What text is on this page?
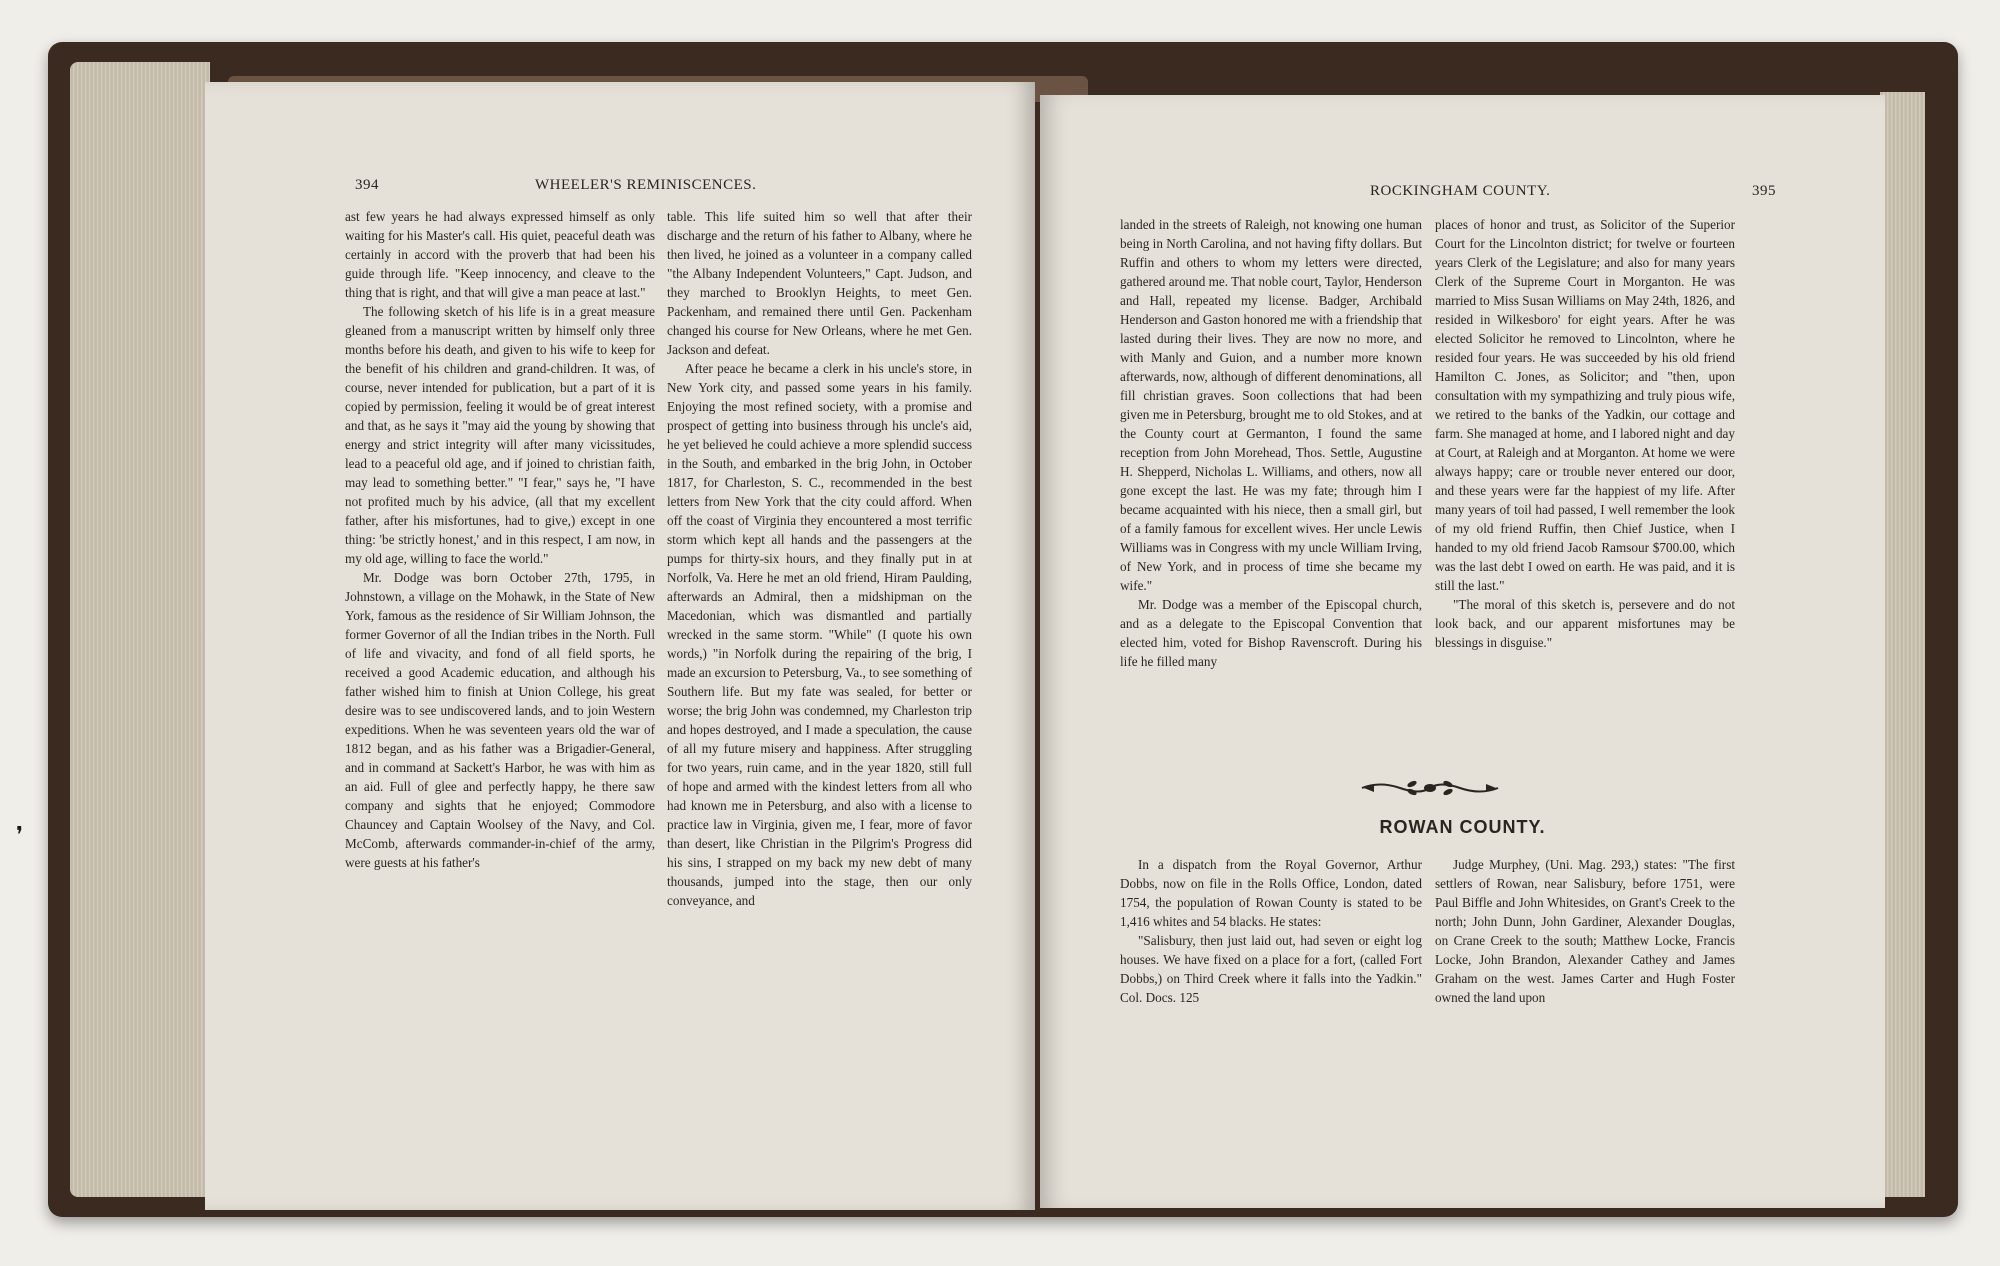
❜
394	WHEELER'S REMINISCENCES.

ast few years he had always expressed himself as only waiting for his Master's call. His quiet, peaceful death was certainly in accord with the proverb that had been his guide through life. "Keep innocency, and cleave to the thing that is right, and that will give a man peace at last."

The following sketch of his life is in a great measure gleaned from a manuscript written by himself only three months before his death, and given to his wife to keep for the benefit of his children and grand-children. It was, of course, never intended for publication, but a part of it is copied by permission, feeling it would be of great interest and that, as he says it "may aid the young by showing that energy and strict integrity will after many vicissitudes, lead to a peaceful old age, and if joined to christian faith, may lead to something better." "I fear," says he, "I have not profited much by his advice, (all that my excellent father, after his misfortunes, had to give,) except in one thing: 'be strictly honest,' and in this respect, I am now, in my old age, willing to face the world."

Mr. Dodge was born October 27th, 1795, in Johnstown, a village on the Mohawk, in the State of New York, famous as the residence of Sir William Johnson, the former Governor of all the Indian tribes in the North. Full of life and vivacity, and fond of all field sports, he received a good Academic education, and although his father wished him to finish at Union College, his great desire was to see undiscovered lands, and to join Western expeditions. When he was seventeen years old the war of 1812 began, and as his father was a Brigadier-General, and in command at Sackett's Harbor, he was with him as an aid. Full of glee and perfectly happy, he there saw company and sights that he enjoyed; Commodore Chauncey and Captain Woolsey of the Navy, and Col. McComb, afterwards commander-in-chief of the army, were guests at his father's

table. This life suited him so well that after their discharge and the return of his father to Albany, where he then lived, he joined as a volunteer in a company called "the Albany Independent Volunteers," Capt. Judson, and they marched to Brooklyn Heights, to meet Gen. Packenham, and remained there until Gen. Packenham changed his course for New Orleans, where he met Gen. Jackson and defeat.

After peace he became a clerk in his uncle's store, in New York city, and passed some years in his family. Enjoying the most refined society, with a promise and prospect of getting into business through his uncle's aid, he yet believed he could achieve a more splendid success in the South, and embarked in the brig John, in October 1817, for Charleston, S. C., recommended in the best letters from New York that the city could afford. When off the coast of Virginia they encountered a most terrific storm which kept all hands and the passengers at the pumps for thirty-six hours, and they finally put in at Norfolk, Va. Here he met an old friend, Hiram Paulding, afterwards an Admiral, then a midshipman on the Macedonian, which was dismantled and partially wrecked in the same storm. "While" (I quote his own words,) "in Norfolk during the repairing of the brig, I made an excursion to Petersburg, Va., to see something of Southern life. But my fate was sealed, for better or worse; the brig John was condemned, my Charleston trip and hopes destroyed, and I made a speculation, the cause of all my future misery and happiness. After struggling for two years, ruin came, and in the year 1820, still full of hope and armed with the kindest letters from all who had known me in Petersburg, and also with a license to practice law in Virginia, given me, I fear, more of favor than desert, like Christian in the Pilgrim's Progress did his sins, I strapped on my back my new debt of many thousands, jumped into the stage, then our only conveyance, and

ROCKINGHAM COUNTY.	395

landed in the streets of Raleigh, not knowing one human being in North Carolina, and not having fifty dollars. But Ruffin and others to whom my letters were directed, gathered around me. That noble court, Taylor, Henderson and Hall, repeated my license. Badger, Archibald Henderson and Gaston honored me with a friendship that lasted during their lives. They are now no more, and with Manly and Guion, and a number more known afterwards, now, although of different denominations, all fill christian graves. Soon collections that had been given me in Petersburg, brought me to old Stokes, and at the County court at Germanton, I found the same reception from John Morehead, Thos. Settle, Augustine H. Shepperd, Nicholas L. Williams, and others, now all gone except the last. He was my fate; through him I became acquainted with his niece, then a small girl, but of a family famous for excellent wives. Her uncle Lewis Williams was in Congress with my uncle William Irving, of New York, and in process of time she became my wife."

Mr. Dodge was a member of the Episcopal church, and as a delegate to the Episcopal Convention that elected him, voted for Bishop Ravenscroft. During his life he filled many

places of honor and trust, as Solicitor of the Superior Court for the Lincolnton district; for twelve or fourteen years Clerk of the Legislature; and also for many years Clerk of the Supreme Court in Morganton. He was married to Miss Susan Williams on May 24th, 1826, and resided in Wilkesboro' for eight years. After he was elected Solicitor he removed to Lincolnton, where he resided four years. He was succeeded by his old friend Hamilton C. Jones, as Solicitor; and "then, upon consultation with my sympathizing and truly pious wife, we retired to the banks of the Yadkin, our cottage and farm. She managed at home, and I labored night and day at Court, at Raleigh and at Morganton. At home we were always happy; care or trouble never entered our door, and these years were far the happiest of my life. After many years of toil had passed, I well remember the look of my old friend Ruffin, then Chief Justice, when I handed to my old friend Jacob Ramsour $700.00, which was the last debt I owed on earth. He was paid, and it is still the last."

"The moral of this sketch is, persevere and do not look back, and our apparent misfortunes may be blessings in disguise."

ROWAN COUNTY.

In a dispatch from the Royal Governor, Arthur Dobbs, now on file in the Rolls Office, London, dated 1754, the population of Rowan County is stated to be 1,416 whites and 54 blacks. He states:

"Salisbury, then just laid out, had seven or eight log houses. We have fixed on a place for a fort, (called Fort Dobbs,) on Third Creek where it falls into the Yadkin." Col. Docs. 125

Judge Murphey, (Uni. Mag. 293,) states: "The first settlers of Rowan, near Salisbury, before 1751, were Paul Biffle and John Whitesides, on Grant's Creek to the north; John Dunn, John Gardiner, Alexander Douglas, on Crane Creek to the south; Matthew Locke, Francis Locke, John Brandon, Alexander Cathey and James Graham on the west. James Carter and Hugh Foster owned the land upon
